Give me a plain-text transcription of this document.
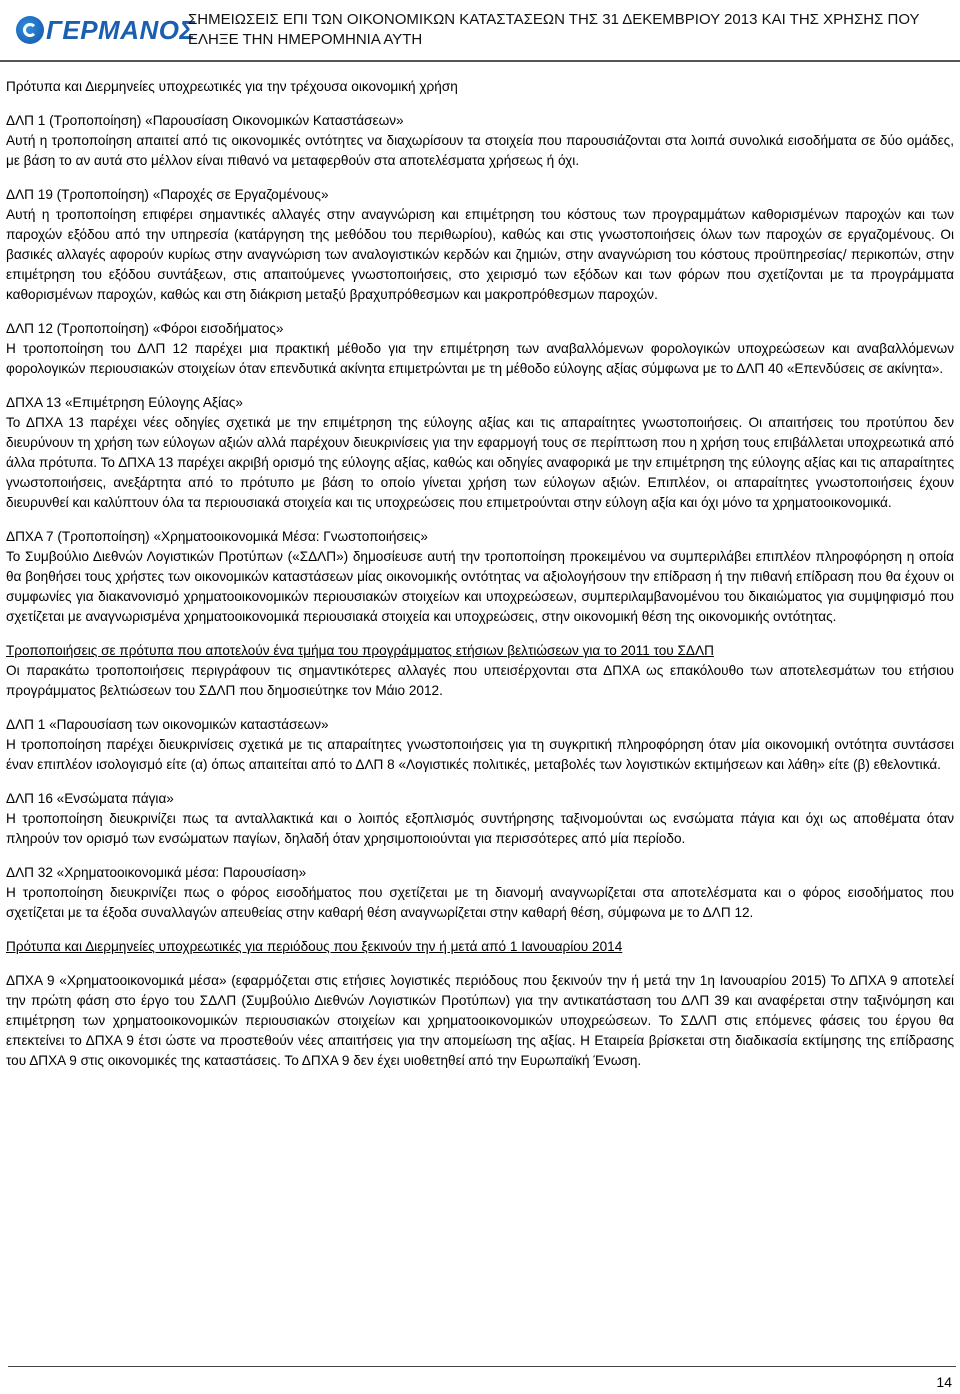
ΓΕΡΜΑΝΟΣ
ΣΗΜΕΙΩΣΕΙΣ ΕΠΙ ΤΩΝ ΟΙΚΟΝΟΜΙΚΩΝ ΚΑΤΑΣΤΑΣΕΩΝ ΤΗΣ 31 ΔΕΚΕΜΒΡΙΟΥ 2013 ΚΑΙ ΤΗΣ ΧΡΗΣΗΣ ΠΟΥ ΕΛΗΞΕ ΤΗΝ ΗΜΕΡΟΜΗΝΙΑ ΑΥΤΗ

Πρότυπα και Διερμηνείες υποχρεωτικές για την τρέχουσα οικονομική χρήση

ΔΛΠ 1 (Τροποποίηση) «Παρουσίαση Οικονομικών Καταστάσεων»

Αυτή η τροποποίηση απαιτεί από τις οικονομικές οντότητες να διαχωρίσουν τα στοιχεία που παρουσιάζονται στα λοιπά συνολικά εισοδήματα σε δύο ομάδες, με βάση το αν αυτά στο μέλλον είναι πιθανό να μεταφερθούν στα αποτελέσματα χρήσεως ή όχι.

ΔΛΠ 19 (Τροποποίηση) «Παροχές σε Εργαζομένους»

Αυτή η τροποποίηση επιφέρει σημαντικές αλλαγές στην αναγνώριση και επιμέτρηση του κόστους των προγραμμάτων καθορισμένων παροχών και των παροχών εξόδου από την υπηρεσία (κατάργηση της μεθόδου του περιθωρίου), καθώς και στις γνωστοποιήσεις όλων των παροχών σε εργαζομένους. Οι βασικές αλλαγές αφορούν κυρίως στην αναγνώριση των αναλογιστικών κερδών και ζημιών, στην αναγνώριση του κόστους προϋπηρεσίας/ περικοπών, στην επιμέτρηση του εξόδου συντάξεων, στις απαιτούμενες γνωστοποιήσεις, στο χειρισμό των εξόδων και των φόρων που σχετίζονται με τα προγράμματα καθορισμένων παροχών, καθώς και στη διάκριση μεταξύ βραχυπρόθεσμων και μακροπρόθεσμων παροχών.

ΔΛΠ 12 (Τροποποίηση) «Φόροι εισοδήματος»

Η τροποποίηση του ΔΛΠ 12 παρέχει μια πρακτική μέθοδο για την επιμέτρηση των αναβαλλόμενων φορολογικών υποχρεώσεων και αναβαλλόμενων φορολογικών περιουσιακών στοιχείων όταν επενδυτικά ακίνητα επιμετρώνται με τη μέθοδο εύλογης αξίας σύμφωνα με το ΔΛΠ 40 «Επενδύσεις σε ακίνητα».

ΔΠΧΑ 13 «Επιμέτρηση Εύλογης Αξίας»

Το ΔΠΧΑ 13 παρέχει νέες οδηγίες σχετικά με την επιμέτρηση της εύλογης αξίας και τις απαραίτητες γνωστοποιήσεις. Οι απαιτήσεις του προτύπου δεν διευρύνουν τη χρήση των εύλογων αξιών αλλά παρέχουν διευκρινίσεις για την εφαρμογή τους σε περίπτωση που η χρήση τους επιβάλλεται υποχρεωτικά από άλλα πρότυπα. Το ΔΠΧΑ 13 παρέχει ακριβή ορισμό της εύλογης αξίας, καθώς και οδηγίες αναφορικά με την επιμέτρηση της εύλογης αξίας και τις απαραίτητες γνωστοποιήσεις, ανεξάρτητα από το πρότυπο με βάση το οποίο γίνεται χρήση των εύλογων αξιών. Επιπλέον, οι απαραίτητες γνωστοποιήσεις έχουν διευρυνθεί και καλύπτουν όλα τα περιουσιακά στοιχεία και τις υποχρεώσεις που επιμετρούνται στην εύλογη αξία και όχι μόνο τα χρηματοοικονομικά.

ΔΠΧΑ 7 (Τροποποίηση) «Χρηματοοικονομικά Μέσα: Γνωστοποιήσεις»

Το Συμβούλιο Διεθνών Λογιστικών Προτύπων («ΣΔΛΠ») δημοσίευσε αυτή την τροποποίηση προκειμένου να συμπεριλάβει επιπλέον πληροφόρηση η οποία θα βοηθήσει τους χρήστες των οικονομικών καταστάσεων μίας οικονομικής οντότητας να αξιολογήσουν την επίδραση ή την πιθανή επίδραση που θα έχουν οι συμφωνίες για διακανονισμό χρηματοοικονομικών περιουσιακών στοιχείων και υποχρεώσεων, συμπεριλαμβανομένου του δικαιώματος για συμψηφισμό που σχετίζεται με αναγνωρισμένα χρηματοοικονομικά περιουσιακά στοιχεία και υποχρεώσεις, στην οικονομική θέση της οικονομικής οντότητας.

Τροποποιήσεις σε πρότυπα που αποτελούν ένα τμήμα του προγράμματος ετήσιων βελτιώσεων για το 2011 του ΣΔΛΠ

Οι παρακάτω τροποποιήσεις περιγράφουν τις σημαντικότερες αλλαγές που υπεισέρχονται στα ΔΠΧΑ ως επακόλουθο των αποτελεσμάτων του ετήσιου προγράμματος βελτιώσεων του ΣΔΛΠ που δημοσιεύτηκε τον Μάιο 2012.

ΔΛΠ 1 «Παρουσίαση των οικονομικών καταστάσεων»

Η τροποποίηση παρέχει διευκρινίσεις σχετικά με τις απαραίτητες γνωστοποιήσεις για τη συγκριτική πληροφόρηση όταν μία οικονομική οντότητα συντάσσει έναν επιπλέον ισολογισμό είτε (α) όπως απαιτείται από το ΔΛΠ 8 «Λογιστικές πολιτικές, μεταβολές των λογιστικών εκτιμήσεων και λάθη» είτε (β) εθελοντικά.

ΔΛΠ 16 «Ενσώματα πάγια»

Η τροποποίηση διευκρινίζει πως τα ανταλλακτικά και ο λοιπός εξοπλισμός συντήρησης ταξινομούνται ως ενσώματα πάγια και όχι ως αποθέματα όταν πληρούν τον ορισμό των ενσώματων παγίων, δηλαδή όταν χρησιμοποιούνται για περισσότερες από μία περίοδο.

ΔΛΠ 32 «Χρηματοοικονομικά μέσα: Παρουσίαση»

Η τροποποίηση διευκρινίζει πως ο φόρος εισοδήματος που σχετίζεται με τη διανομή αναγνωρίζεται στα αποτελέσματα και ο φόρος εισοδήματος που σχετίζεται με τα έξοδα συναλλαγών απευθείας στην καθαρή θέση αναγνωρίζεται στην καθαρή θέση, σύμφωνα με το ΔΛΠ 12.

Πρότυπα και Διερμηνείες υποχρεωτικές για περιόδους που ξεκινούν την ή μετά από 1 Ιανουαρίου 2014

ΔΠΧΑ 9 «Χρηματοοικονομικά μέσα» (εφαρμόζεται στις ετήσιες λογιστικές περιόδους που ξεκινούν την ή μετά την 1η Ιανουαρίου 2015) Το ΔΠΧΑ 9 αποτελεί την πρώτη φάση στο έργο του ΣΔΛΠ (Συμβούλιο Διεθνών Λογιστικών Προτύπων) για την αντικατάσταση του ΔΛΠ 39 και αναφέρεται στην ταξινόμηση και επιμέτρηση των χρηματοοικονομικών περιουσιακών στοιχείων και χρηματοοικονομικών υποχρεώσεων. Το ΣΔΛΠ στις επόμενες φάσεις του έργου θα επεκτείνει το ΔΠΧΑ 9 έτσι ώστε να προστεθούν νέες απαιτήσεις για την απομείωση της αξίας. Η Εταιρεία βρίσκεται στη διαδικασία εκτίμησης της επίδρασης του ΔΠΧΑ 9 στις οικονομικές της καταστάσεις. Το ΔΠΧΑ 9 δεν έχει υιοθετηθεί από την Ευρωπαϊκή Ένωση.

14
